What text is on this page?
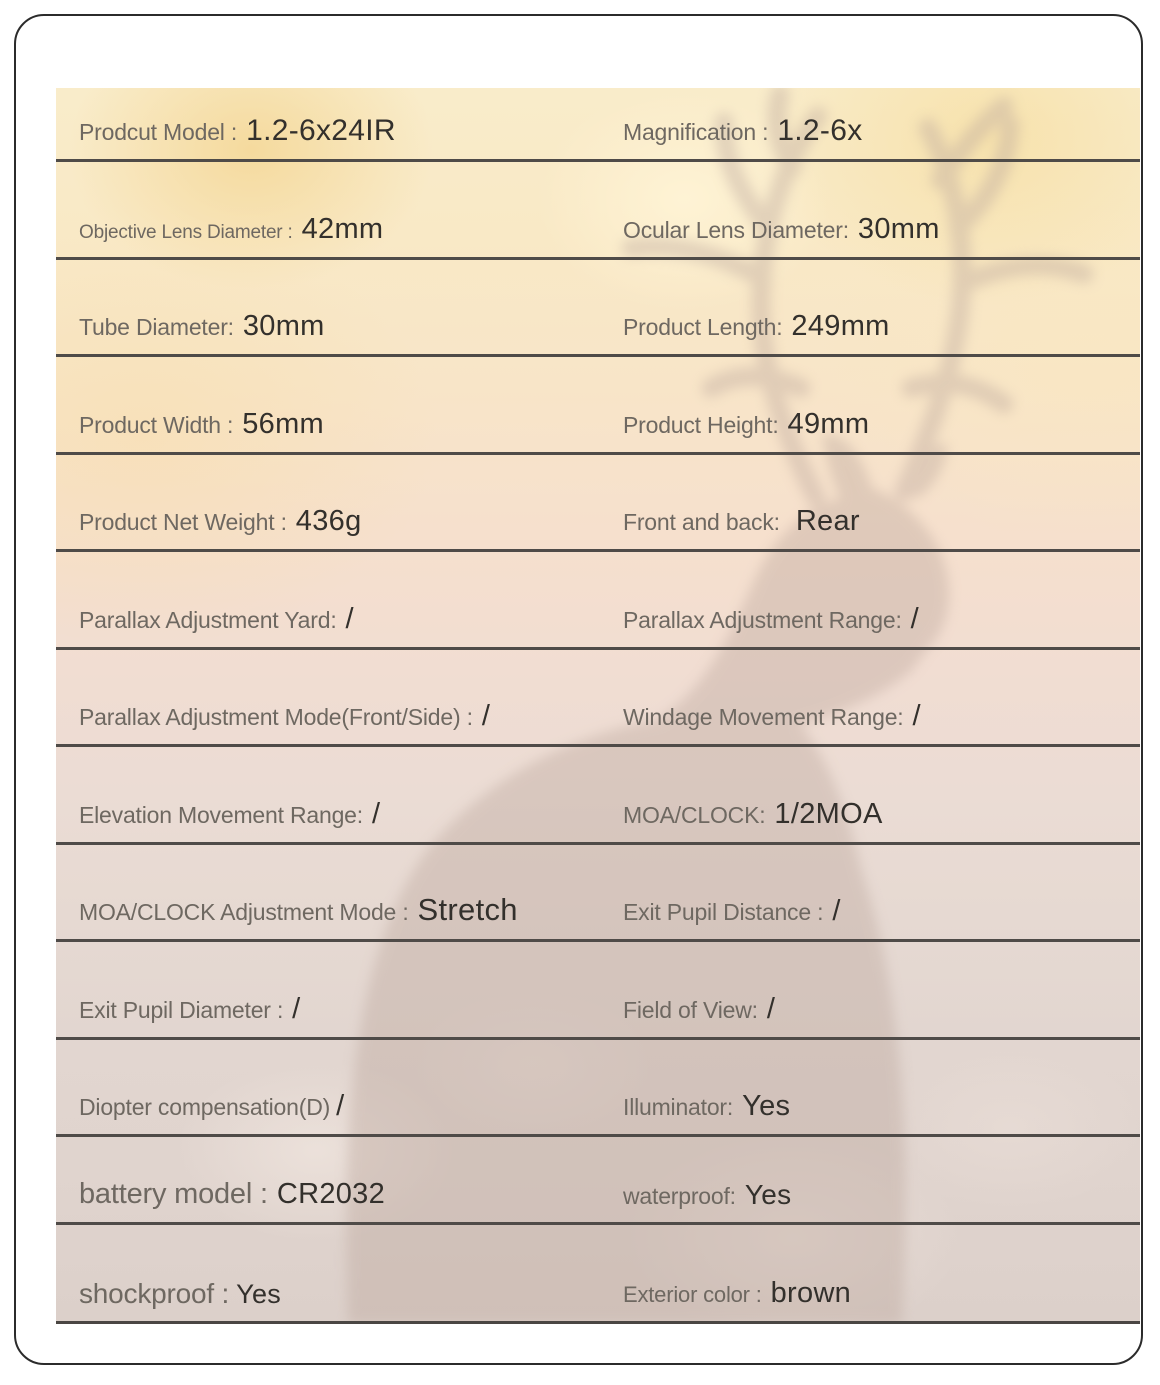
Prodcut Model : 1.2-6x24IR	Magnification : 1.2-6x
Objective Lens Diameter : 42mm	Ocular Lens Diameter: 30mm
Tube Diameter: 30mm	Product Length: 249mm
Product Width : 56mm	Product Height: 49mm
Product Net Weight : 436g	Front and back: Rear
Parallax Adjustment Yard: /	Parallax Adjustment Range: /
Parallax Adjustment Mode(Front/Side) : /	Windage Movement Range: /
Elevation Movement Range: /	MOA/CLOCK: 1/2MOA
MOA/CLOCK Adjustment Mode : Stretch	Exit Pupil Distance : /
Exit Pupil Diameter : /	Field of View: /
Diopter compensation(D) /	Illuminator: Yes
battery model : CR2032	waterproof: Yes
shockproof : Yes	Exterior color : brown
